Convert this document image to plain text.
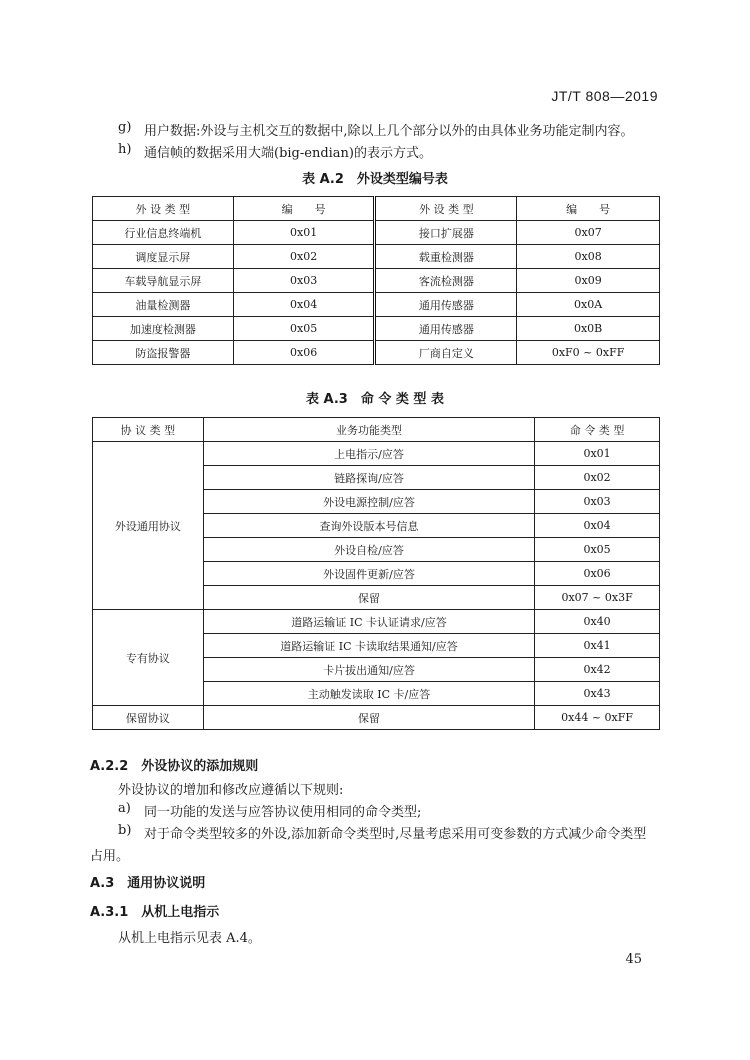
JT/T 808—2019
g) 用户数据:外设与主机交互的数据中,除以上几个部分以外的由具体业务功能定制内容。
h) 通信帧的数据采用大端(big-endian)的表示方式。
表 A.2　外设类型编号表
外 设 类 型	编　　号	外 设 类 型	编　　号
行业信息终端机	0x01	接口扩展器	0x07
调度显示屏	0x02	载重检测器	0x08
车载导航显示屏	0x03	客流检测器	0x09
油量检测器	0x04	通用传感器	0x0A
加速度检测器	0x05	通用传感器	0x0B
防盗报警器	0x06	厂商自定义	0xF0 ~ 0xFF
表 A.3　命 令 类 型 表
协 议 类 型	业务功能类型	命 令 类 型
外设通用协议	上电指示/应答	0x01
	链路探询/应答	0x02
	外设电源控制/应答	0x03
	查询外设版本号信息	0x04
	外设自检/应答	0x05
	外设固件更新/应答	0x06
	保留	0x07 ~ 0x3F
专有协议	道路运输证 IC 卡认证请求/应答	0x40
	道路运输证 IC 卡读取结果通知/应答	0x41
	卡片拔出通知/应答	0x42
	主动触发读取 IC 卡/应答	0x43
保留协议	保留	0x44 ~ 0xFF
A.2.2　外设协议的添加规则
外设协议的增加和修改应遵循以下规则:
a) 同一功能的发送与应答协议使用相同的命令类型;
b) 对于命令类型较多的外设,添加新命令类型时,尽量考虑采用可变参数的方式减少命令类型
占用。
A.3　通用协议说明
A.3.1　从机上电指示
从机上电指示见表 A.4。
45
